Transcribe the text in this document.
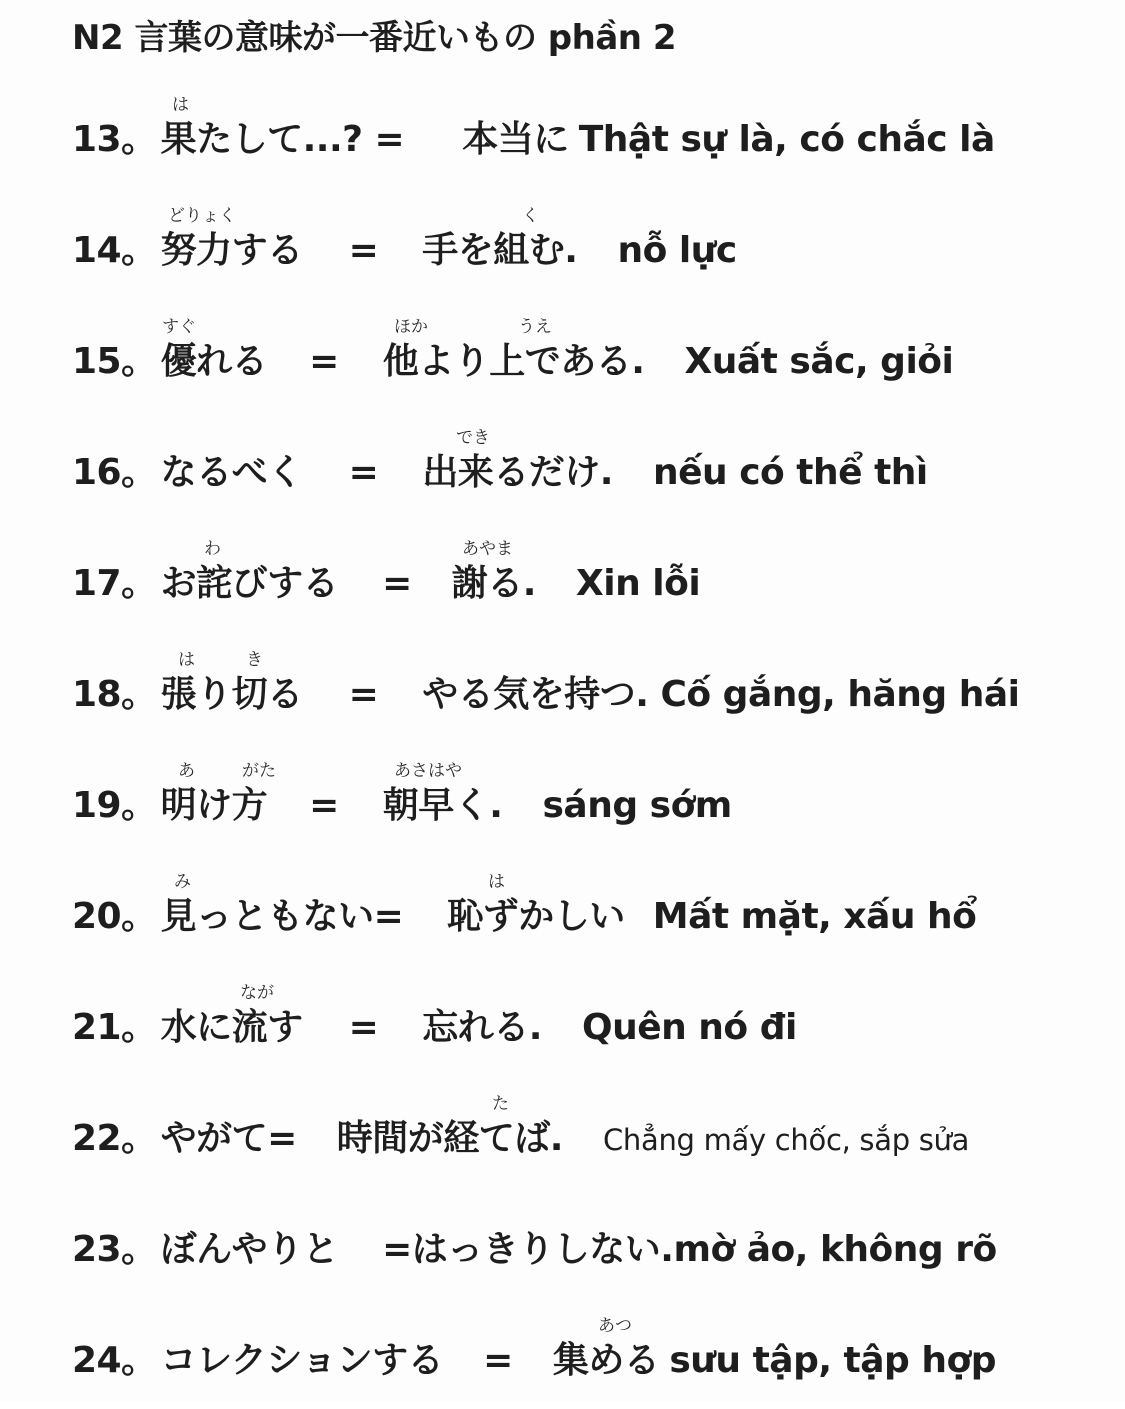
N2 言葉の意味が一番近いもの phần 2
は
13。 果たして...? = 本当に Thật sự là, có chắc là
どりょく	く
14。 努力する = 手を組む. nỗ lực
すぐ	ほか	うえ
15。 優れる = 他より上である. Xuất sắc, giỏi
でき
16。 なるべく = 出来るだけ. nếu có thể thì
わ	あやま
17。 お詫びする = 謝る. Xin lỗi
は	き
18。 張り切る = やる気を持つ. Cố gắng, hăng hái
あ	がた	あさはや
19。 明け方 = 朝早く. sáng sớm
み	は
20。 見っともない= 恥ずかしい Mất mặt, xấu hổ
なが
21。 水に流す = 忘れる. Quên nó đi
た
22。 やがて= 時間が経てば. Chẳng mấy chốc, sắp sửa
23。 ぼんやりと =はっきりしない.mờ ảo, không rõ
あつ
24。 コレクションする = 集める sưu tập, tập hợp
